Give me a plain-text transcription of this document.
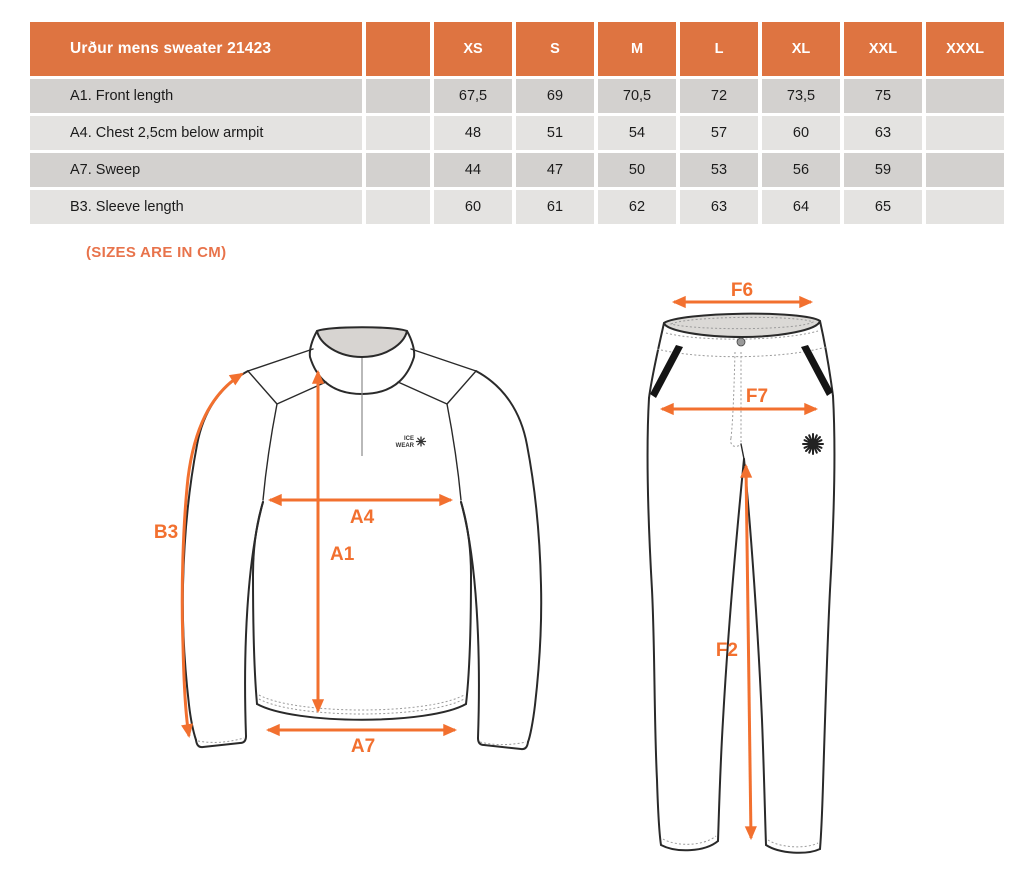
Urður mens sweater 21423		XS	S	M	L	XL	XXL	XXXL
A1. Front length		67,5	69	70,5	72	73,5	75	
A4. Chest 2,5cm below armpit		48	51	54	57	60	63	
A7. Sweep		44	47	50	53	56	59	
B3. Sleeve length		60	61	62	63	64	65	
(SIZES ARE IN CM)
ICE
WEAR
B3
A4
A1
A7
F6
F7
F2
